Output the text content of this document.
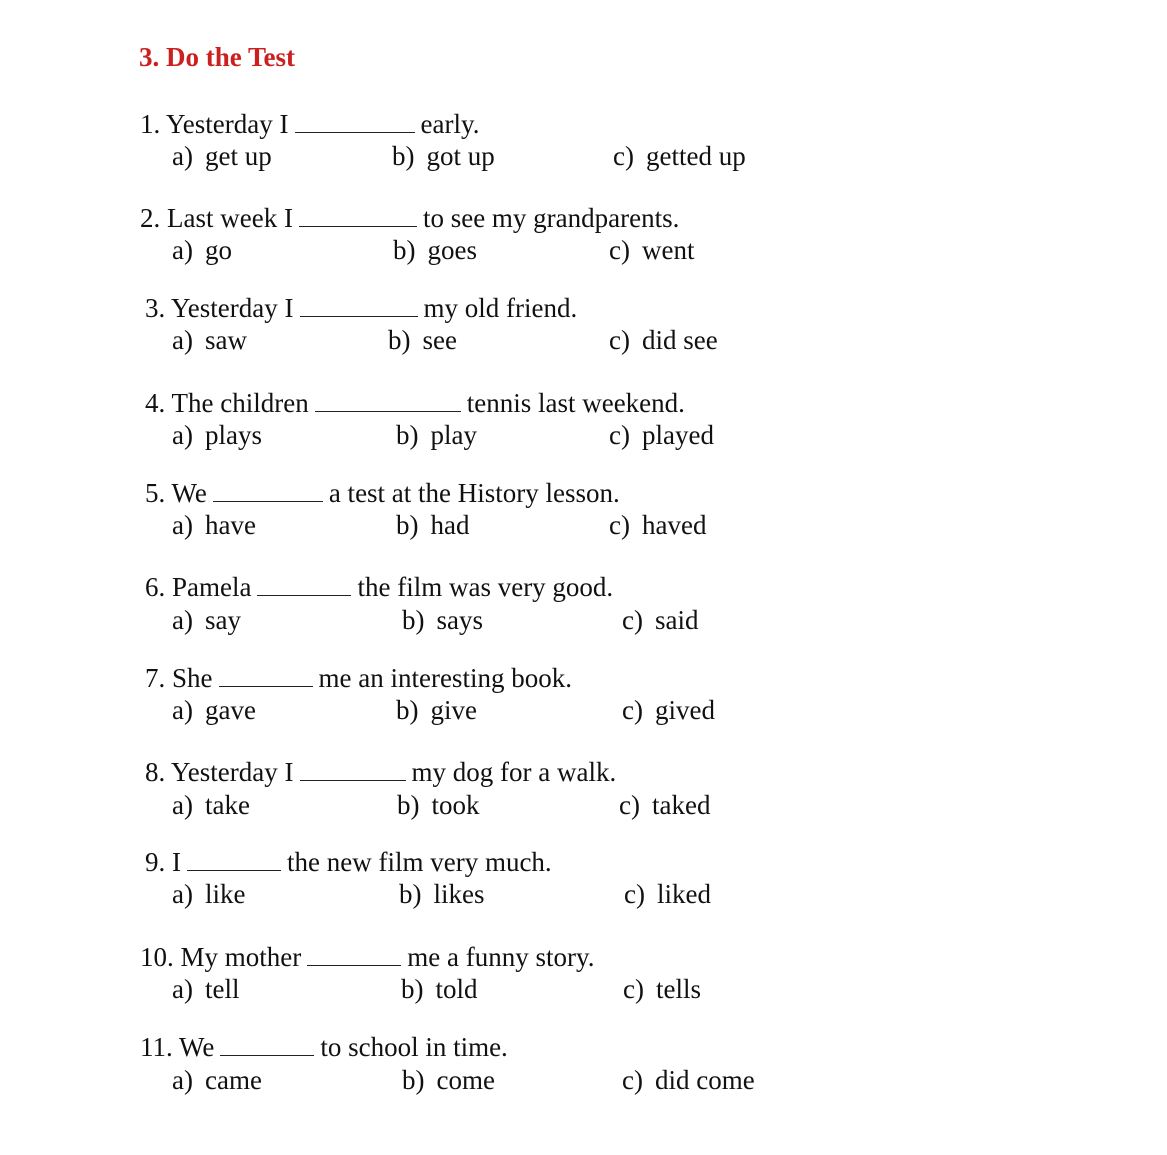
3. Do the Test
1. Yesterday I	early.
a) get up	b) got up	c) getted up
2. Last week I	to see my grandparents.
a) go	b) goes	c) went
3. Yesterday I	my old friend.
a) saw	b) see	c) did see
4. The children	tennis last weekend.
a) plays	b) play	c) played
5. We	a test at the History lesson.
a) have	b) had	c) haved
6. Pamela	the film was very good.
a) say	b) says	c) said
7. She	me an interesting book.
a) gave	b) give	c) gived
8. Yesterday I	my dog for a walk.
a) take	b) took	c) taked
9. I	the new film very much.
a) like	b) likes	c) liked
10. My mother	me a funny story.
a) tell	b) told	c) tells
11. We	to school in time.
a) came	b) come	c) did come
